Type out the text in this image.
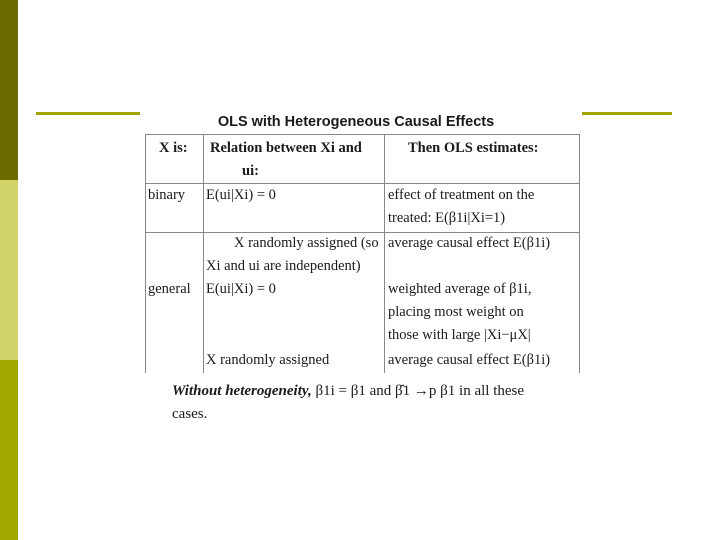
OLS with Heterogeneous Causal Effects
X is: Relation between Xi and
ui:
Then OLS estimates:
binary E(ui|Xi) = 0	effect of treatment on the
treated: E(β1i|Xi=1)
general
X randomly assigned (so
Xi and ui are independent)
E(ui|Xi) = 0
X randomly assigned
average causal effect E(β1i)
weighted average of β1i,
placing most weight on
those with large |Xi−μX|
average causal effect E(β1i)
Without heterogeneity, β1i = β1 and β̂1 →p β1 in all these
cases.
